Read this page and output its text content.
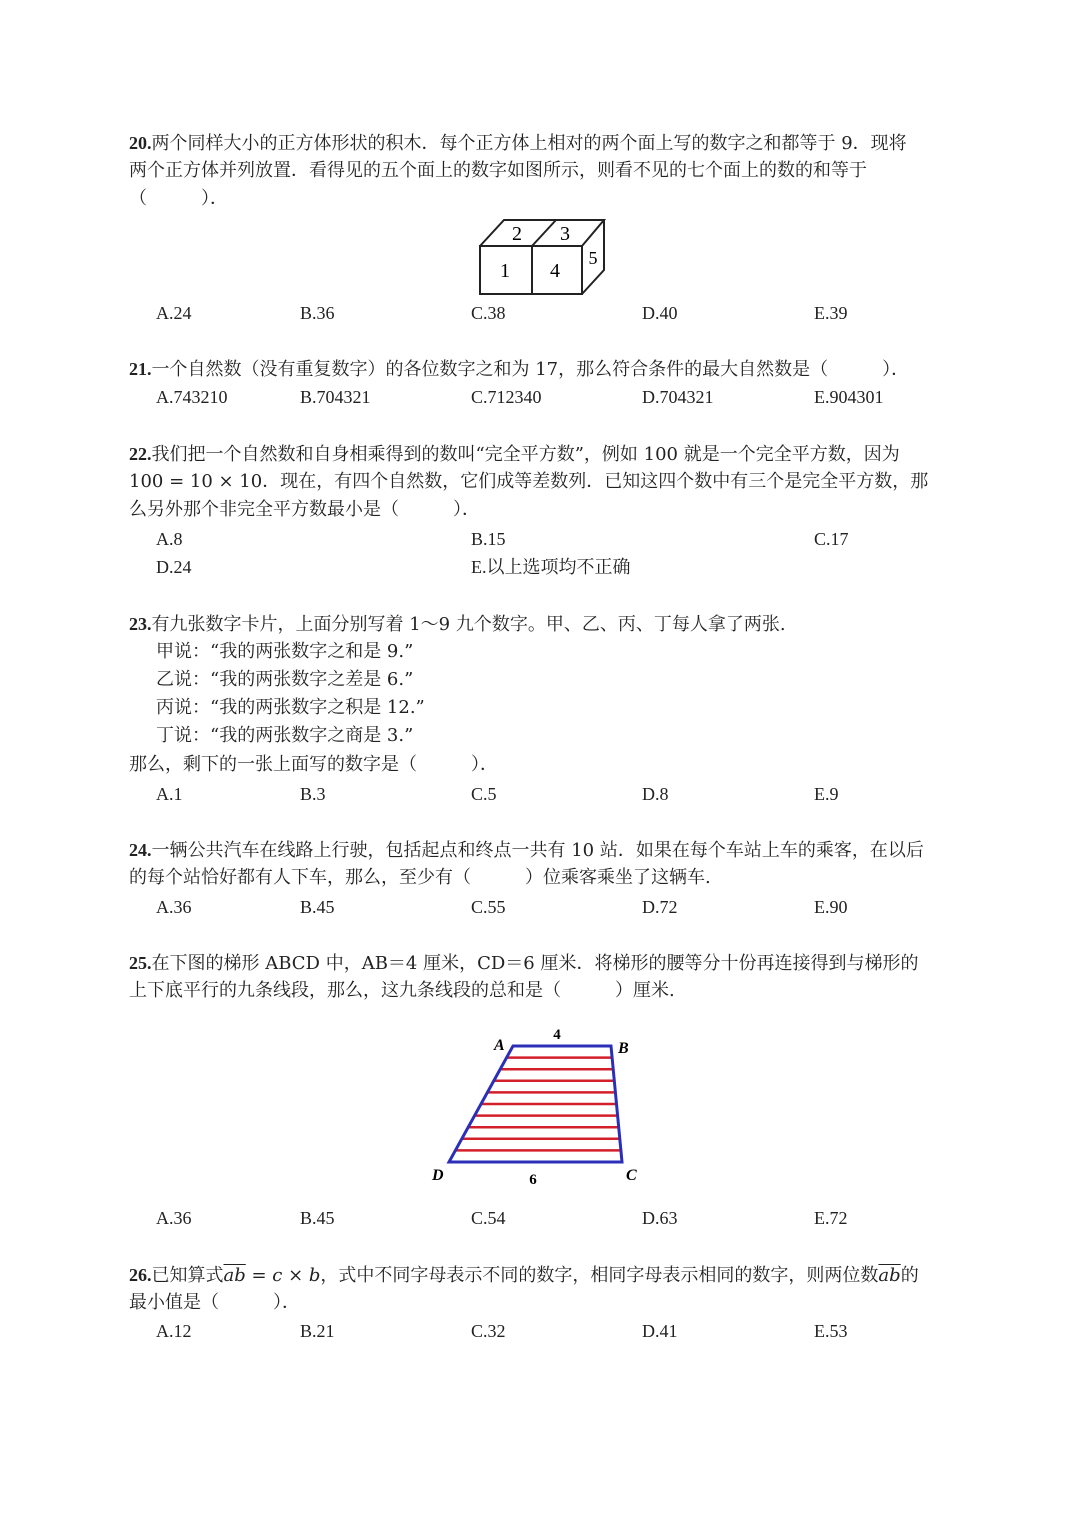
20.两个同样大小的正方体形状的积木．每个正方体上相对的两个面上写的数字之和都等于 9．现将
两个正方体并列放置．看得见的五个面上的数字如图所示，则看不见的七个面上的数的和等于
（　　　）．
2 3
1 4
5
A.24	B.36	C.38	D.40	E.39
21.一个自然数（没有重复数字）的各位数字之和为 17，那么符合条件的最大自然数是（　　　）．
A.743210	B.704321	C.712340	D.704321	E.904301
22.我们把一个自然数和自身相乘得到的数叫“完全平方数”，例如 100 就是一个完全平方数，因为
100 = 10 × 10．现在，有四个自然数，它们成等差数列．已知这四个数中有三个是完全平方数，那
么另外那个非完全平方数最小是（　　　）．
A.8	B.15	C.17
D.24	E.以上选项均不正确
23.有九张数字卡片，上面分别写着 1～9 九个数字。甲、乙、丙、丁每人拿了两张.
甲说：“我的两张数字之和是 9.”
乙说：“我的两张数字之差是 6.”
丙说：“我的两张数字之积是 12.”
丁说：“我的两张数字之商是 3.”
那么，剩下的一张上面写的数字是（　　　）．
A.1	B.3	C.5	D.8	E.9
24.一辆公共汽车在线路上行驶，包括起点和终点一共有 10 站．如果在每个车站上车的乘客，在以后
的每个站恰好都有人下车，那么，至少有（　　　）位乘客乘坐了这辆车.
A.36	B.45	C.55	D.72	E.90
25.在下图的梯形 ABCD 中，AB＝4 厘米，CD＝6 厘米．将梯形的腰等分十份再连接得到与梯形的
上下底平行的九条线段，那么，这九条线段的总和是（　　　）厘米.
A	B
C
D
4
6
A.36	B.45	C.54	D.63	E.72
26.已知算式$\overline{ab} = c \times b$，式中不同字母表示不同的数字，相同字母表示相同的数字，则两位数$\overline{ab}$的
最小值是（　　　）．
A.12	B.21	C.32	D.41	E.53
